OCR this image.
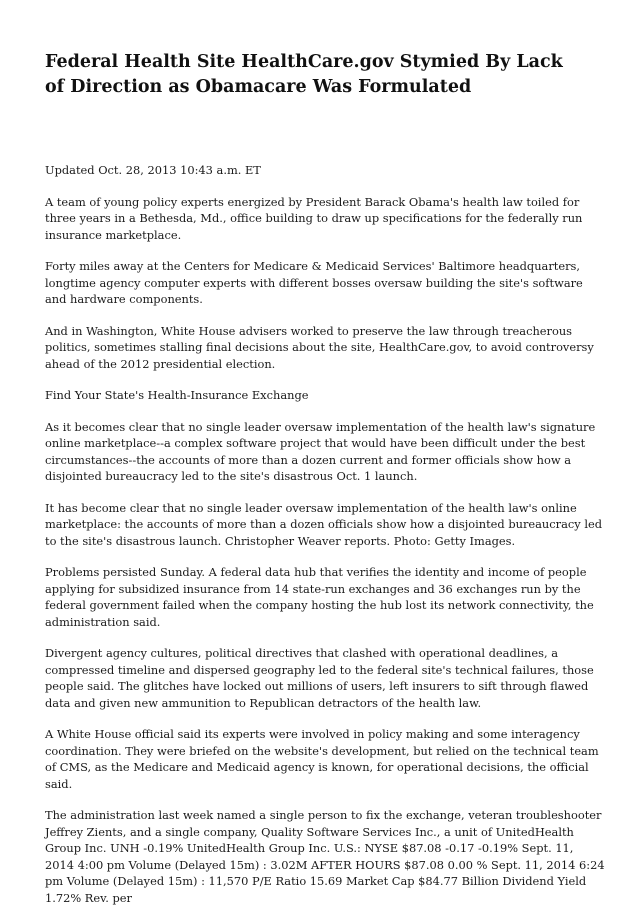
Federal Health Site HealthCare.gov Stymied By Lack of Direction as Obamacare Was Formulated

Updated Oct. 28, 2013 10:43 a.m. ET

A team of young policy experts energized by President Barack Obama's health law toiled for three years in a Bethesda, Md., office building to draw up specifications for the federally run insurance marketplace.

Forty miles away at the Centers for Medicare & Medicaid Services' Baltimore headquarters, longtime agency computer experts with different bosses oversaw building the site's software and hardware components.

And in Washington, White House advisers worked to preserve the law through treacherous politics, sometimes stalling final decisions about the site, HealthCare.gov, to avoid controversy ahead of the 2012 presidential election.

Find Your State's Health-Insurance Exchange

As it becomes clear that no single leader oversaw implementation of the health law's signature online marketplace--a complex software project that would have been difficult under the best circumstances--the accounts of more than a dozen current and former officials show how a disjointed bureaucracy led to the site's disastrous Oct. 1 launch.

It has become clear that no single leader oversaw implementation of the health law's online marketplace: the accounts of more than a dozen officials show how a disjointed bureaucracy led to the site's disastrous launch. Christopher Weaver reports. Photo: Getty Images.

Problems persisted Sunday. A federal data hub that verifies the identity and income of people applying for subsidized insurance from 14 state-run exchanges and 36 exchanges run by the federal government failed when the company hosting the hub lost its network connectivity, the administration said.

Divergent agency cultures, political directives that clashed with operational deadlines, a compressed timeline and dispersed geography led to the federal site's technical failures, those people said. The glitches have locked out millions of users, left insurers to sift through flawed data and given new ammunition to Republican detractors of the health law.

A White House official said its experts were involved in policy making and some interagency coordination. They were briefed on the website's development, but relied on the technical team of CMS, as the Medicare and Medicaid agency is known, for operational decisions, the official said.

The administration last week named a single person to fix the exchange, veteran troubleshooter Jeffrey Zients, and a single company, Quality Software Services Inc., a unit of UnitedHealth Group Inc. UNH -0.19% UnitedHealth Group Inc. U.S.: NYSE $87.08 -0.17 -0.19% Sept. 11, 2014 4:00 pm Volume (Delayed 15m) : 3.02M AFTER HOURS $87.08 0.00 % Sept. 11, 2014 6:24 pm Volume (Delayed 15m) : 11,570 P/E Ratio 15.69 Market Cap $84.77 Billion Dividend Yield 1.72% Rev. per
